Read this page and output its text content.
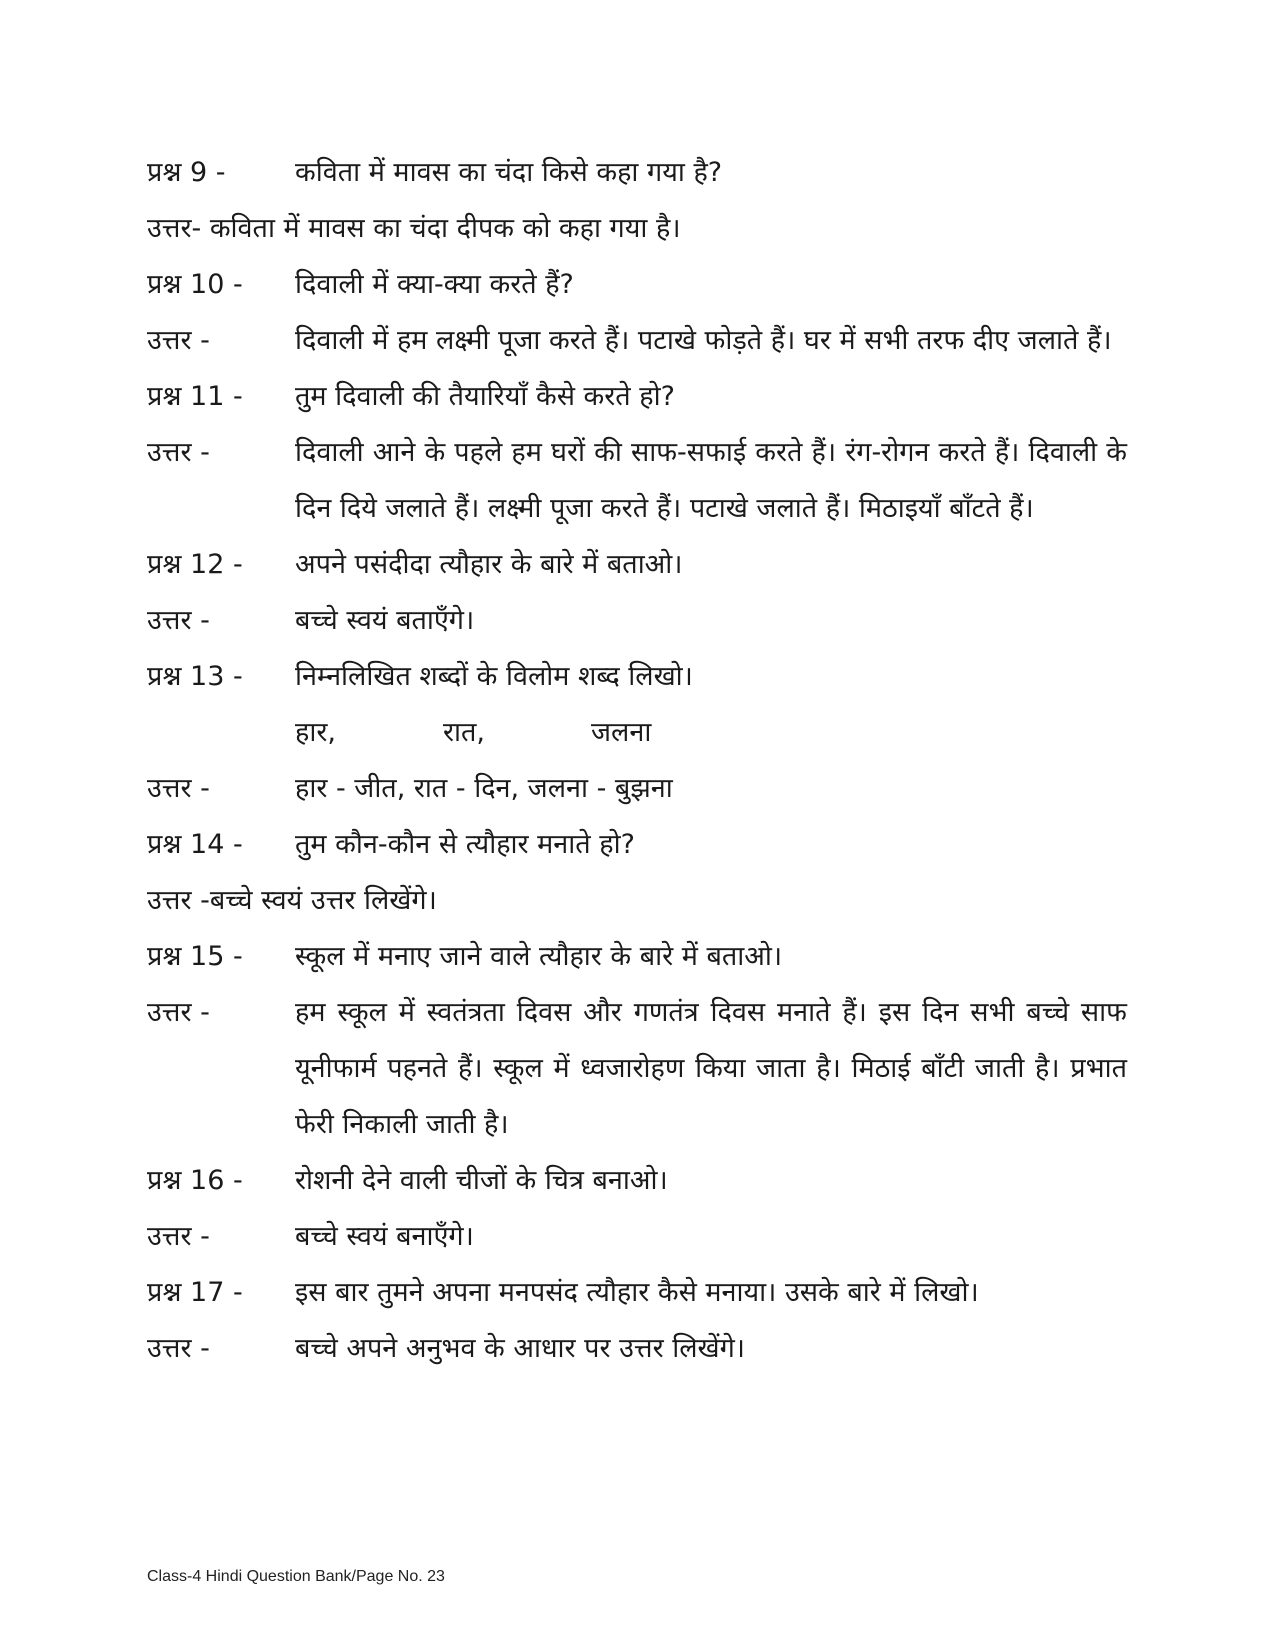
प्रश्न 9 -	कविता में मावस का चंदा किसे कहा गया है?
उत्तर- कविता में मावस का चंदा दीपक को कहा गया है।
प्रश्न 10 -	दिवाली में क्या-क्या करते हैं?
उत्तर -	दिवाली में हम लक्ष्मी पूजा करते हैं। पटाखे फोड़ते हैं। घर में सभी तरफ दीए जलाते हैं।
प्रश्न 11 -	तुम दिवाली की तैयारियाँ कैसे करते हो?
उत्तर -	दिवाली आने के पहले हम घरों की साफ-सफाई करते हैं। रंग-रोगन करते हैं। दिवाली के दिन दिये जलाते हैं। लक्ष्मी पूजा करते हैं। पटाखे जलाते हैं। मिठाइयाँ बाँटते हैं।
प्रश्न 12 -	अपने पसंदीदा त्यौहार के बारे में बताओ।
उत्तर -	बच्चे स्वयं बताएँगे।
प्रश्न 13 -	निम्नलिखित शब्दों के विलोम शब्द लिखो।
हार,	रात,	जलना
उत्तर -	हार - जीत, रात - दिन, जलना - बुझना
प्रश्न 14 -	तुम कौन-कौन से त्यौहार मनाते हो?
उत्तर -बच्चे स्वयं उत्तर लिखेंगे।
प्रश्न 15 -	स्कूल में मनाए जाने वाले त्यौहार के बारे में बताओ।
उत्तर -	हम स्कूल में स्वतंत्रता दिवस और गणतंत्र दिवस मनाते हैं। इस दिन सभी बच्चे साफ यूनीफार्म पहनते हैं। स्कूल में ध्वजारोहण किया जाता है। मिठाई बाँटी जाती है। प्रभात फेरी निकाली जाती है।
प्रश्न 16 -	रोशनी देने वाली चीजों के चित्र बनाओ।
उत्तर -	बच्चे स्वयं बनाएँगे।
प्रश्न 17 -	इस बार तुमने अपना मनपसंद त्यौहार कैसे मनाया। उसके बारे में लिखो।
उत्तर -	बच्चे अपने अनुभव के आधार पर उत्तर लिखेंगे।
Class-4 Hindi Question Bank/Page No. 23
